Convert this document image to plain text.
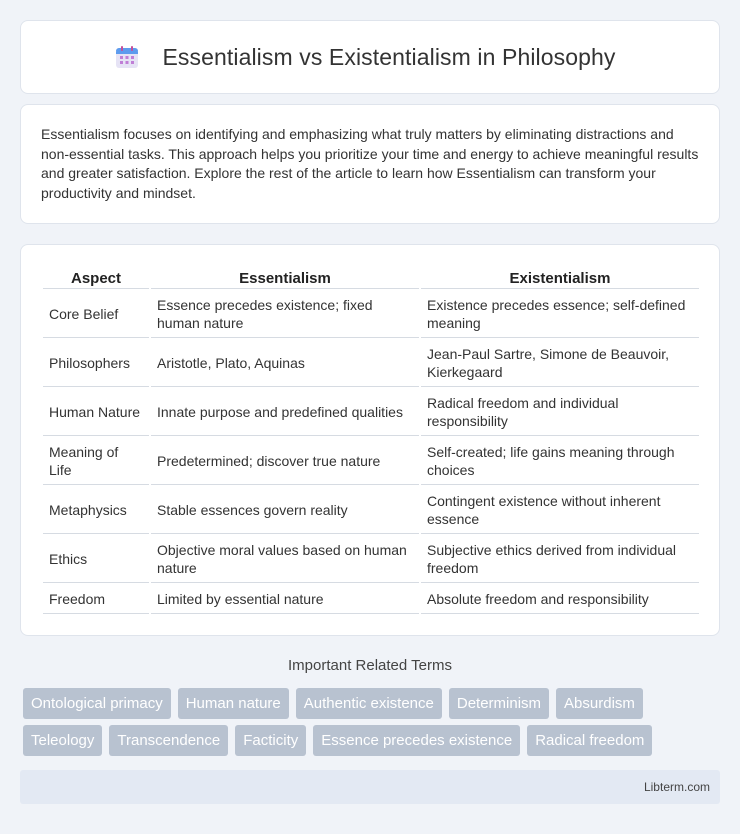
Essentialism vs Existentialism in Philosophy

Essentialism focuses on identifying and emphasizing what truly matters by eliminating distractions and non-essential tasks. This approach helps you prioritize your time and energy to achieve meaningful results and greater satisfaction. Explore the rest of the article to learn how Essentialism can transform your productivity and mindset.

Aspect	Essentialism	Existentialism
Core Belief	Essence precedes existence; fixed human nature	Existence precedes essence; self-defined meaning
Philosophers	Aristotle, Plato, Aquinas	Jean-Paul Sartre, Simone de Beauvoir, Kierkegaard
Human Nature	Innate purpose and predefined qualities	Radical freedom and individual responsibility
Meaning of Life	Predetermined; discover true nature	Self-created; life gains meaning through choices
Metaphysics	Stable essences govern reality	Contingent existence without inherent essence
Ethics	Objective moral values based on human nature	Subjective ethics derived from individual freedom
Freedom	Limited by essential nature	Absolute freedom and responsibility
Important Related Terms
Ontological primacy	Human nature	Authentic existence	Determinism	Absurdism
Teleology	Transcendence	Facticity	Essence precedes existence	Radical freedom
Libterm.com
